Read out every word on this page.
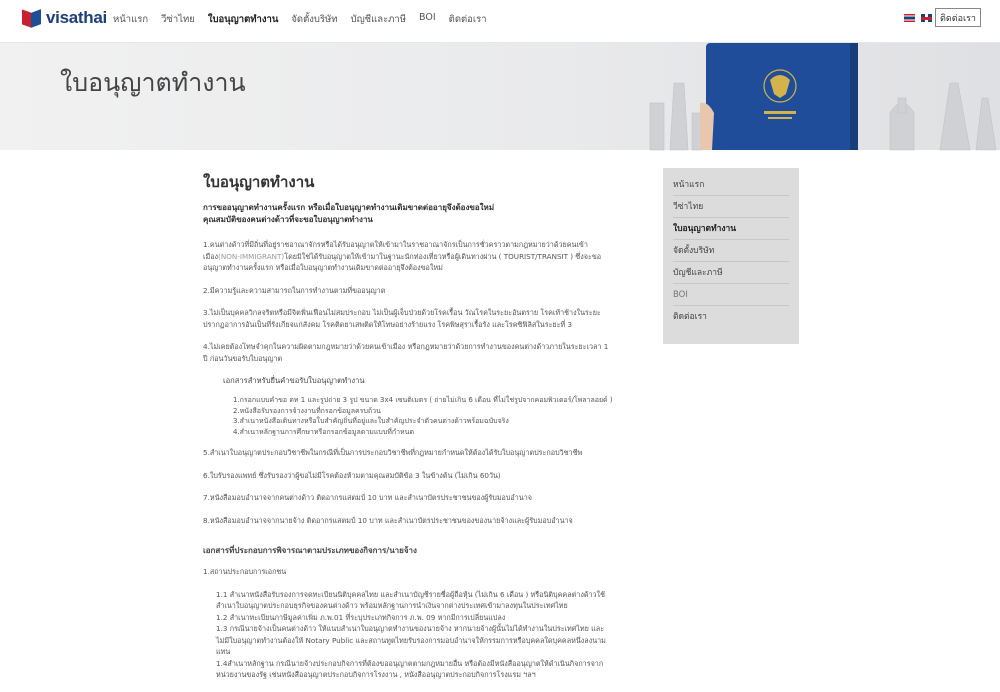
visathai หน้าแรก วีซ่าไทย ใบอนุญาตทำงาน จัดตั้งบริษัท บัญชีและภาษี BOI ติดต่อเรา	ติดต่อเรา
ใบอนุญาตทำงาน
ใบอนุญาตทำงาน
การขออนุญาตทำงานครั้งแรก หรือเมื่อใบอนุญาตทำงานเดิมขาดต่ออายุจึงต้องขอใหม่
คุณสมบัติของคนต่างด้าวที่จะขอใบอนุญาตทำงาน
1.คนต่างด้าวที่มีถิ่นที่อยู่ราชอาณาจักรหรือได้รับอนุญาตให้เข้ามาในราชอาณาจักรเป็นการชั่วคราวตามกฎหมายว่าด้วยคนเข้า
เมือง(NON-IMMIGRANT)โดยมิใช่ได้รับอนุญาตให้เข้ามาในฐานะนักท่องเที่ยวหรือผู้เดินทางผ่าน ( TOURIST/TRANSIT ) ซึ่งจะขอ
อนุญาตทำงานครั้งแรก หรือเมื่อใบอนุญาตทำงานเดิมขาดต่ออายุจึงต้องขอใหม่
2.มีความรู้และความสามารถในการทำงานตามที่ขออนุญาต
3.ไม่เป็นบุคคลวิกลจริตหรือมีจิตฟั่นเฟือนไม่สมประกอบ ไม่เป็นผู้เจ็บป่วยด้วยโรคเรื้อน วัณโรคในระยะอันตราย โรคเท้าช้างในระยะ
ปรากฏอาการอันเป็นที่รังเกียจแก่สังคม โรคติดยาเสพติดให้โทษอย่างร้ายแรง โรคพิษสุราเรื้อรัง และโรคซิฟิลิสในระยะที่ 3
4.ไม่เคยต้องโทษจำคุกในความผิดตามกฎหมายว่าด้วยคนเข้าเมือง หรือกฎหมายว่าด้วยการทำงานของคนต่างด้าวภายในระยะเวลา 1
ปี ก่อนวันขอรับใบอนุญาต
เอกสารสำหรับยื่นคำขอรับใบอนุญาตทำงาน
1.กรอกแบบคำขอ ตท 1 และรูปถ่าย 3 รูป ขนาด 3x4 เซนติเมตร ( ถ่ายไม่เกิน 6 เดือน ที่ไม่ใช่รูปจากคอมพิวเตอร์/โพลาลอยด์ )
2.หนังสือรับรองการจ้างงานที่กรอกข้อมูลครบถ้วน
3.สำเนาหนังสือเดินทางหรือใบสำคัญถิ่นที่อยู่และใบสำคัญประจำตัวคนต่างด้าวพร้อมฉบับจริง
4.สำเนาหลักฐานการศึกษาหรือกรอกข้อมูลตามแบบที่กำหนด
5.สำเนาใบอนุญาตประกอบวิชาชีพในกรณีที่เป็นการประกอบวิชาชีพที่กฎหมายกำหนดให้ต้องได้รับใบอนุญาตประกอบวิชาชีพ
6.ใบรับรองแพทย์ ซึ่งรับรองว่าผู้ขอไม่มีโรคต้องห้ามตามคุณสมบัติข้อ 3 ในข้างต้น (ไม่เกิน 60วัน)
7.หนังสือมอบอำนาจจากคนต่างด้าว ติดอากรแสตมป์ 10 บาท และสำเนาบัตรประชาชนของผู้รับมอบอำนาจ
8.หนังสือมอบอำนาจจากนายจ้าง ติดอากรแสตมป์ 10 บาท และสำเนาบัตรประชาชนของของนายจ้างและผู้รับมอบอำนาจ
เอกสารที่ประกอบการพิจารณาตามประเภทของกิจการ/นายจ้าง
1.สถานประกอบการเอกชน
1.1 สำเนาหนังสือรับรองการจดทะเบียนนิติบุคคลไทย และสำเนาบัญชีรายชื่อผู้ถือหุ้น (ไม่เกิน 6 เดือน ) หรือนิติบุคคลต่างด้าวใช้
สำเนาใบอนุญาตประกอบธุรกิจของคนต่างด้าว พร้อมหลักฐานการนำเงินจากต่างประเทศเข้ามาลงทุนในประเทศไทย
1.2 สำเนาทะเบียนภาษีมูลค่าเพิ่ม ภ.พ.01 ที่ระบุประเภทกิจการ ภ.พ. 09 หากมีการเปลี่ยนแปลง
1.3 กรณีนายจ้างเป็นคนต่างด้าว ให้แนบสำเนาใบอนุญาตทำงานของนายจ้าง หากนายจ้างผู้นั้นไม่ได้ทำงานในประเทศไทย และ
ไม่มีใบอนุญาตทำงานต้องให้ Notary Public และสถานทูตไทยรับรองการมอบอำนาจให้กรรมการหรือบุคคลใดบุคคลหนึ่งลงนาม
แทน
1.4สำเนาหลักฐาน กรณีนายจ้างประกอบกิจการที่ต้องขออนุญาตตามกฎหมายอื่น หรือต้องมีหนังสืออนุญาตให้ดำเนินกิจการจาก
หน่วยงานของรัฐ เช่นหนังสืออนุญาตประกอบกิจการโรงงาน , หนังสืออนุญาตประกอบกิจการโรงแรม ฯลฯ
หน้าแรก
วีซ่าไทย
ใบอนุญาตทำงาน
จัดตั้งบริษัท
บัญชีและภาษี
BOI
ติดต่อเรา
